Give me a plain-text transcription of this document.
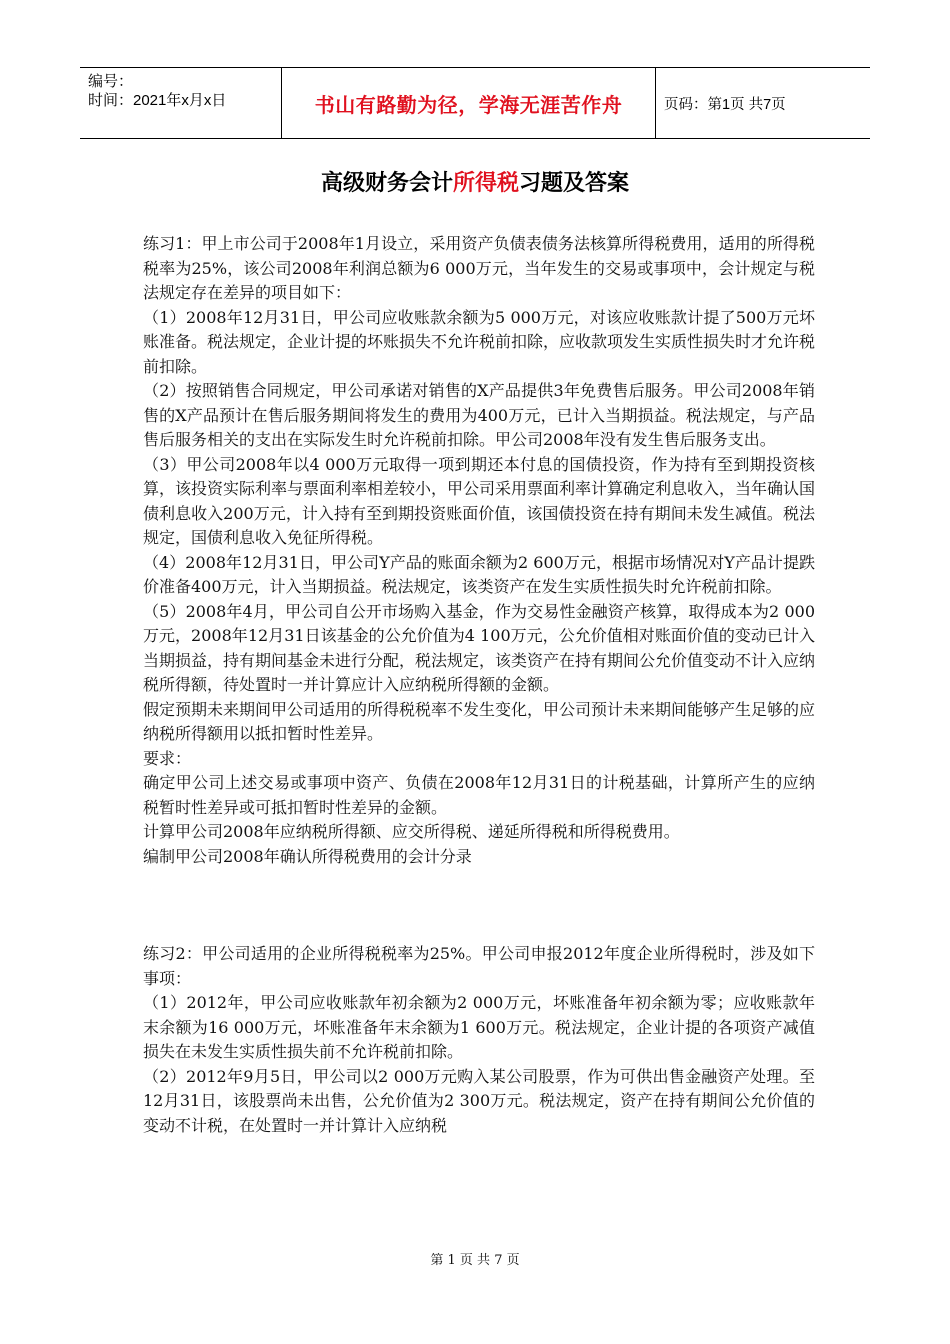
编号：
时间：2021年x月x日	书山有路勤为径，学海无涯苦作舟	页码：第1页 共7页
高级财务会计所得税习题及答案

练习1：甲上市公司于2008年1月设立，采用资产负债表债务法核算所得税费用，适用的所得税税率为25%，该公司2008年利润总额为6 000万元，当年发生的交易或事项中，会计规定与税法规定存在差异的项目如下：

（1）2008年12月31日，甲公司应收账款余额为5 000万元，对该应收账款计提了500万元坏账准备。税法规定，企业计提的坏账损失不允许税前扣除，应收款项发生实质性损失时才允许税前扣除。

（2）按照销售合同规定，甲公司承诺对销售的X产品提供3年免费售后服务。甲公司2008年销售的X产品预计在售后服务期间将发生的费用为400万元，已计入当期损益。税法规定，与产品售后服务相关的支出在实际发生时允许税前扣除。甲公司2008年没有发生售后服务支出。

（3）甲公司2008年以4 000万元取得一项到期还本付息的国债投资，作为持有至到期投资核算，该投资实际利率与票面利率相差较小，甲公司采用票面利率计算确定利息收入，当年确认国债利息收入200万元，计入持有至到期投资账面价值，该国债投资在持有期间未发生减值。税法规定，国债利息收入免征所得税。

（4）2008年12月31日，甲公司Y产品的账面余额为2 600万元，根据市场情况对Y产品计提跌价准备400万元，计入当期损益。税法规定，该类资产在发生实质性损失时允许税前扣除。

（5）2008年4月，甲公司自公开市场购入基金，作为交易性金融资产核算，取得成本为2 000万元，2008年12月31日该基金的公允价值为4 100万元，公允价值相对账面价值的变动已计入当期损益，持有期间基金未进行分配，税法规定，该类资产在持有期间公允价值变动不计入应纳税所得额，待处置时一并计算应计入应纳税所得额的金额。

假定预期未来期间甲公司适用的所得税税率不发生变化，甲公司预计未来期间能够产生足够的应纳税所得额用以抵扣暂时性差异。

要求：

确定甲公司上述交易或事项中资产、负债在2008年12月31日的计税基础，计算所产生的应纳税暂时性差异或可抵扣暂时性差异的金额。

计算甲公司2008年应纳税所得额、应交所得税、递延所得税和所得税费用。

编制甲公司2008年确认所得税费用的会计分录

练习2：甲公司适用的企业所得税税率为25%。甲公司申报2012年度企业所得税时，涉及如下事项：

（1）2012年，甲公司应收账款年初余额为2 000万元，坏账准备年初余额为零；应收账款年末余额为16 000万元，坏账准备年末余额为1 600万元。税法规定，企业计提的各项资产减值损失在未发生实质性损失前不允许税前扣除。

（2）2012年9月5日，甲公司以2 000万元购入某公司股票，作为可供出售金融资产处理。至12月31日，该股票尚未出售，公允价值为2 300万元。税法规定，资产在持有期间公允价值的变动不计税，在处置时一并计算计入应纳税

第 1 页 共 7 页
